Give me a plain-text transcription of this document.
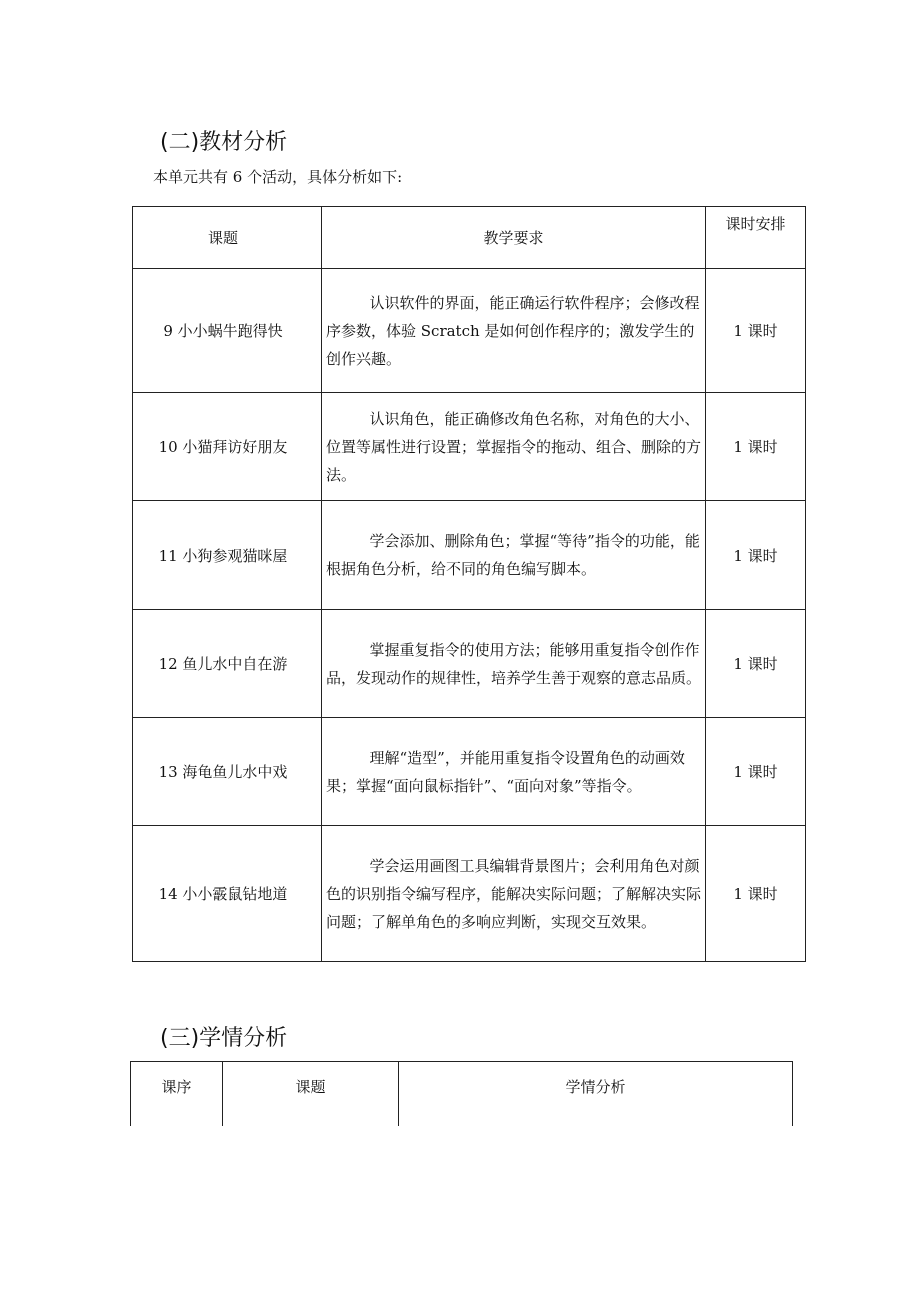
(二)教材分析
本单元共有 6 个活动，具体分析如下:
课题	教学要求	课时安排
9 小小蜗牛跑得快	认识软件的界面，能正确运行软件程序；会修改程序参数，体验 Scratch 是如何创作程序的；激发学生的创作兴趣。	1 课时
10 小猫拜访好朋友	认识角色，能正确修改角色名称，对角色的大小、位置等属性进行设置；掌握指令的拖动、组合、删除的方法。	1 课时
11 小狗参观猫咪屋	学会添加、删除角色；掌握“等待”指令的功能，能根据角色分析，给不同的角色编写脚本。	1 课时
12 鱼儿水中自在游	掌握重复指令的使用方法；能够用重复指令创作作品，发现动作的规律性，培养学生善于观察的意志品质。	1 课时
13 海龟鱼儿水中戏	理解“造型”，并能用重复指令设置角色的动画效果；掌握“面向鼠标指针”、“面向对象”等指令。	1 课时
14 小小霰鼠钻地道	学会运用画图工具编辑背景图片；会利用角色对颜色的识别指令编写程序，能解决实际问题；了解解决实际问题；了解单角色的多响应判断，实现交互效果。	1 课时
(三)学情分析
课序	课题	学情分析
